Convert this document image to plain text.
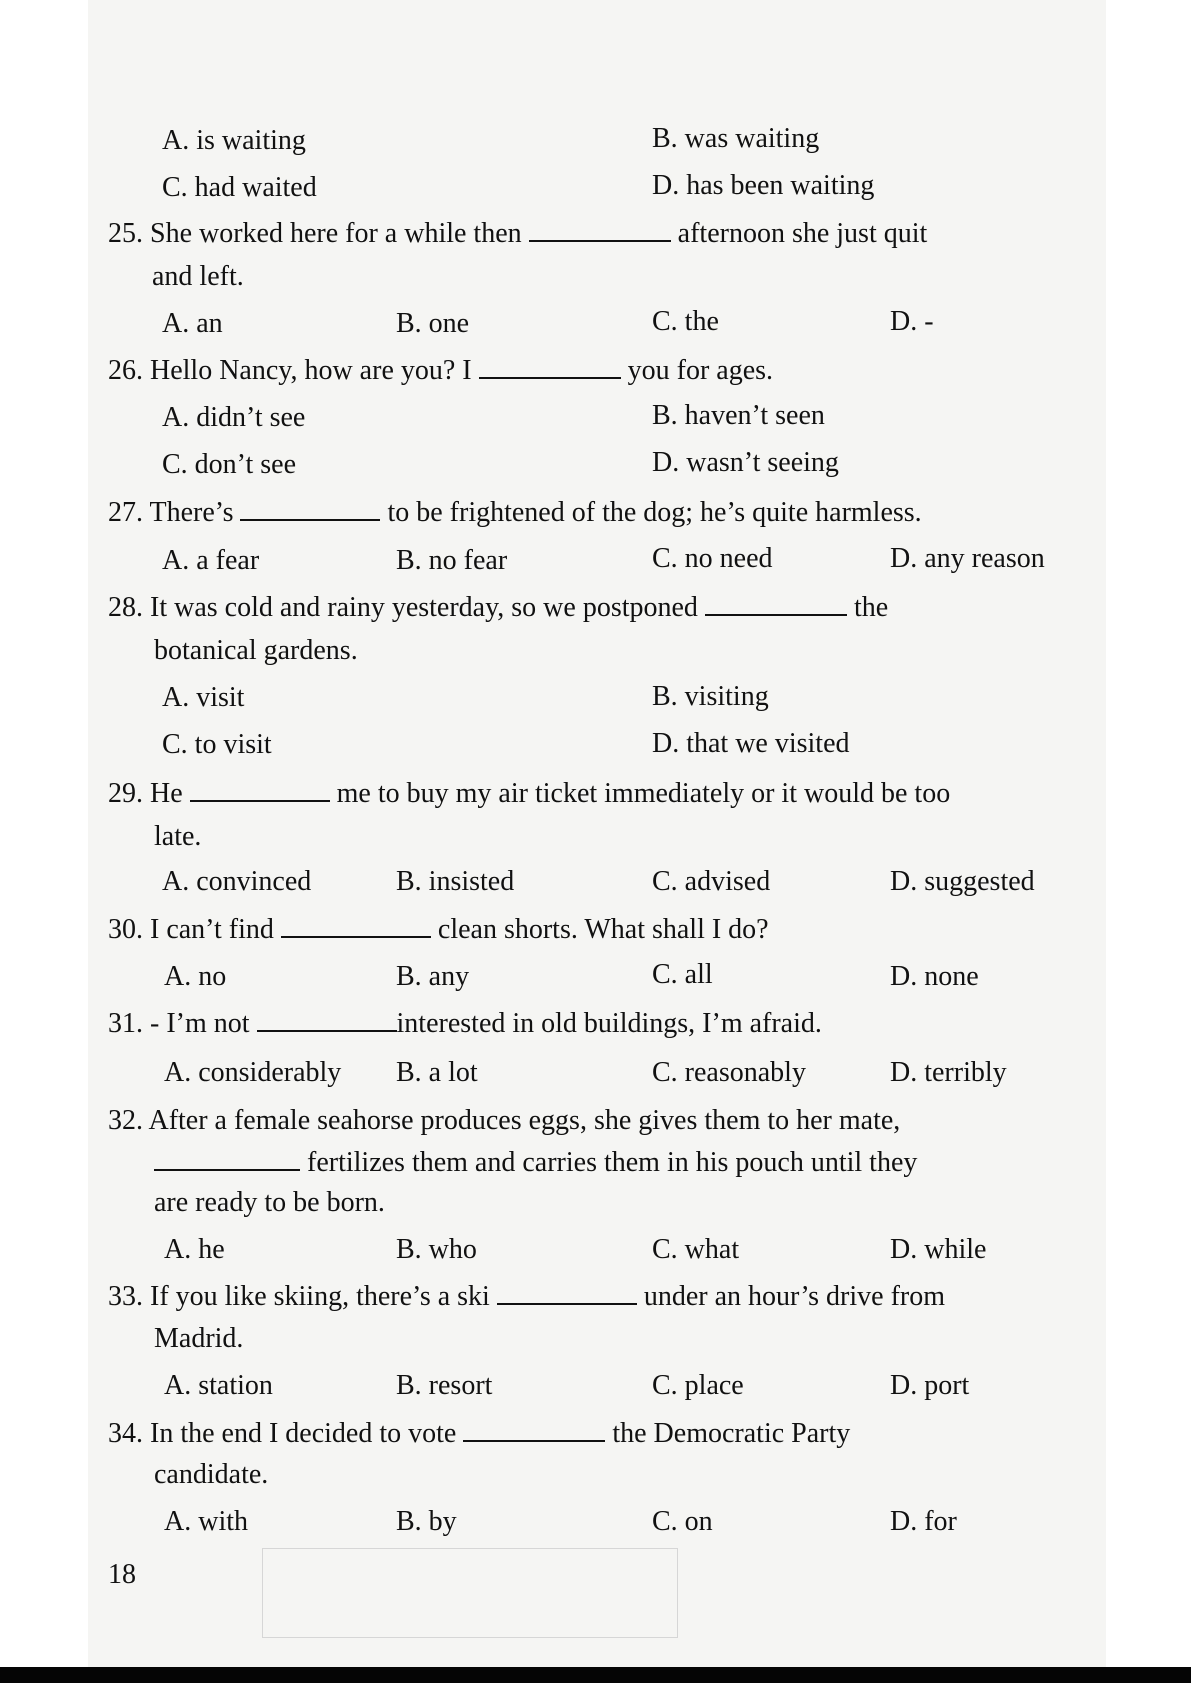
A. is waiting	B. was waiting
C. had waited	D. has been waiting
25. She worked here for a while then	afternoon she just quit
and left.
A. an	B. one	C. the	D. -
26. Hello Nancy, how are you? I	you for ages.
A. didn’t see	B. haven’t seen
C. don’t see	D. wasn’t seeing
27. There’s	to be frightened of the dog; he’s quite harmless.
A. a fear	B. no fear	C. no need	D. any reason
28. It was cold and rainy yesterday, so we postponed	the
botanical gardens.
A. visit	B. visiting
C. to visit	D. that we visited
29. He	me to buy my air ticket immediately or it would be too
late.
A. convinced	B. insisted	C. advised	D. suggested
30. I can’t find	clean shorts. What shall I do?
A. no	B. any	C. all	D. none
31. - I’m not	interested in old buildings, I’m afraid.
A. considerably B. a lot	C. reasonably	D. terribly
32. After a female seahorse produces eggs, she gives them to her mate,
fertilizes them and carries them in his pouch until they
are ready to be born.
A. he	B. who	C. what	D. while
33. If you like skiing, there’s a ski	under an hour’s drive from
Madrid.
A. station	B. resort	C. place	D. port
34. In the end I decided to vote	the Democratic Party
candidate.
A. with	B. by	C. on	D. for
18
